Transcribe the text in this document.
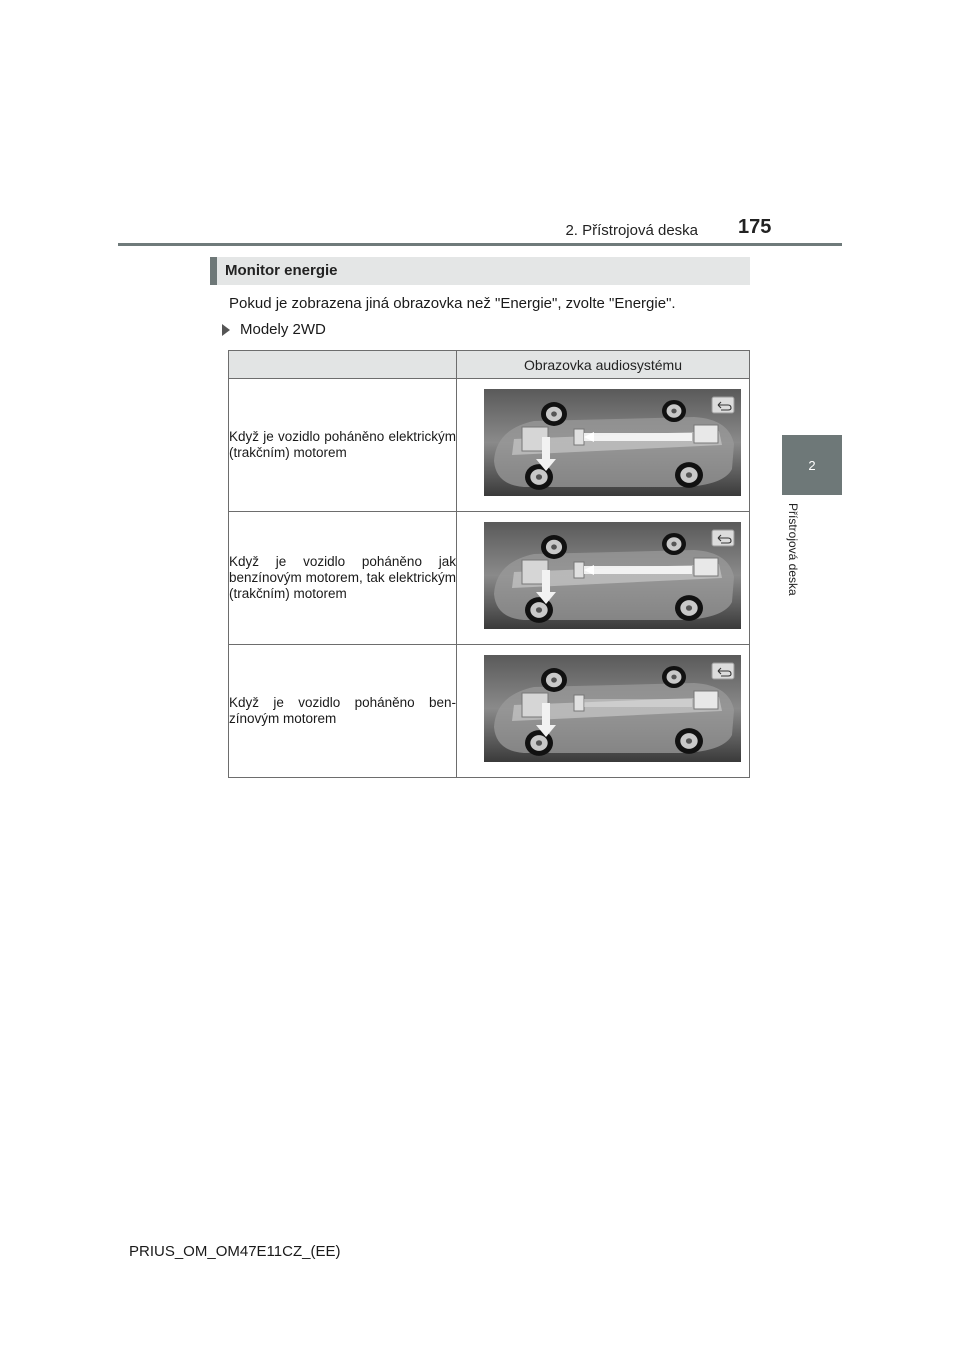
2. Přístrojová deska 175
2
Přístrojová deska
Monitor energie
Pokud je zobrazena jiná obrazovka než "Energie", zvolte "Energie".
Modely 2WD
	Obrazovka audiosystému
Když je vozidlo poháněno elektrickým (trakčním) motorem	
Když je vozidlo poháněno jak benzínovým motorem, tak elektrickým (trakčním) motorem	
Když je vozidlo poháněno benzínovým motorem	
PRIUS_OM_OM47E11CZ_(EE)
